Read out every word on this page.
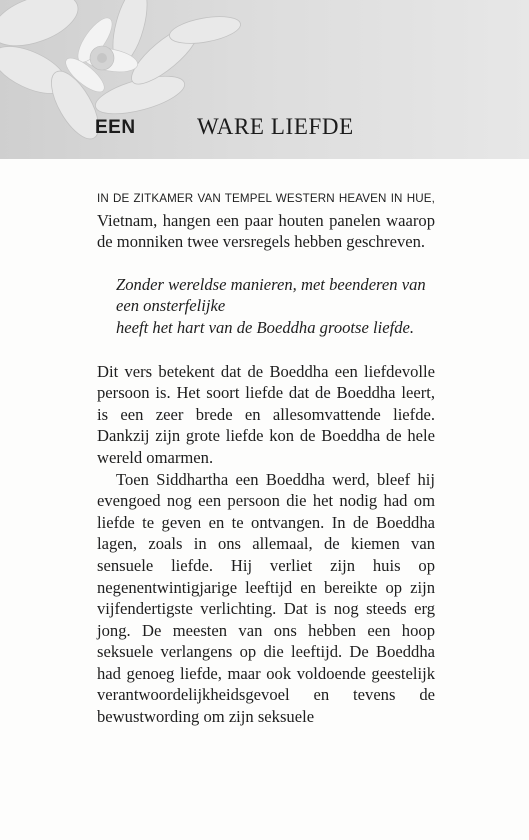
EEN	WARE LIEFDE

IN DE ZITKAMER VAN TEMPEL WESTERN HEAVEN IN HUE, Vietnam, hangen een paar houten panelen waarop de monniken twee versregels hebben geschreven.

Zonder wereldse manieren, met beenderen van
een onsterfelijke
heeft het hart van de Boeddha grootse liefde.

Dit vers betekent dat de Boeddha een liefdevolle persoon is. Het soort liefde dat de Boeddha leert, is een zeer brede en allesomvattende liefde. Dankzij zijn grote liefde kon de Boeddha de hele wereld omarmen.

Toen Siddhartha een Boeddha werd, bleef hij evengoed nog een persoon die het nodig had om liefde te geven en te ontvangen. In de Boeddha lagen, zoals in ons allemaal, de kiemen van sensuele liefde. Hij verliet zijn huis op negenentwintigjarige leeftijd en bereikte op zijn vijfendertigste verlichting. Dat is nog steeds erg jong. De meesten van ons hebben een hoop seksuele verlangens op die leeftijd. De Boeddha had genoeg liefde, maar ook voldoende geestelijk verantwoordelijkheidsgevoel en tevens de bewustwording om zijn seksuele
